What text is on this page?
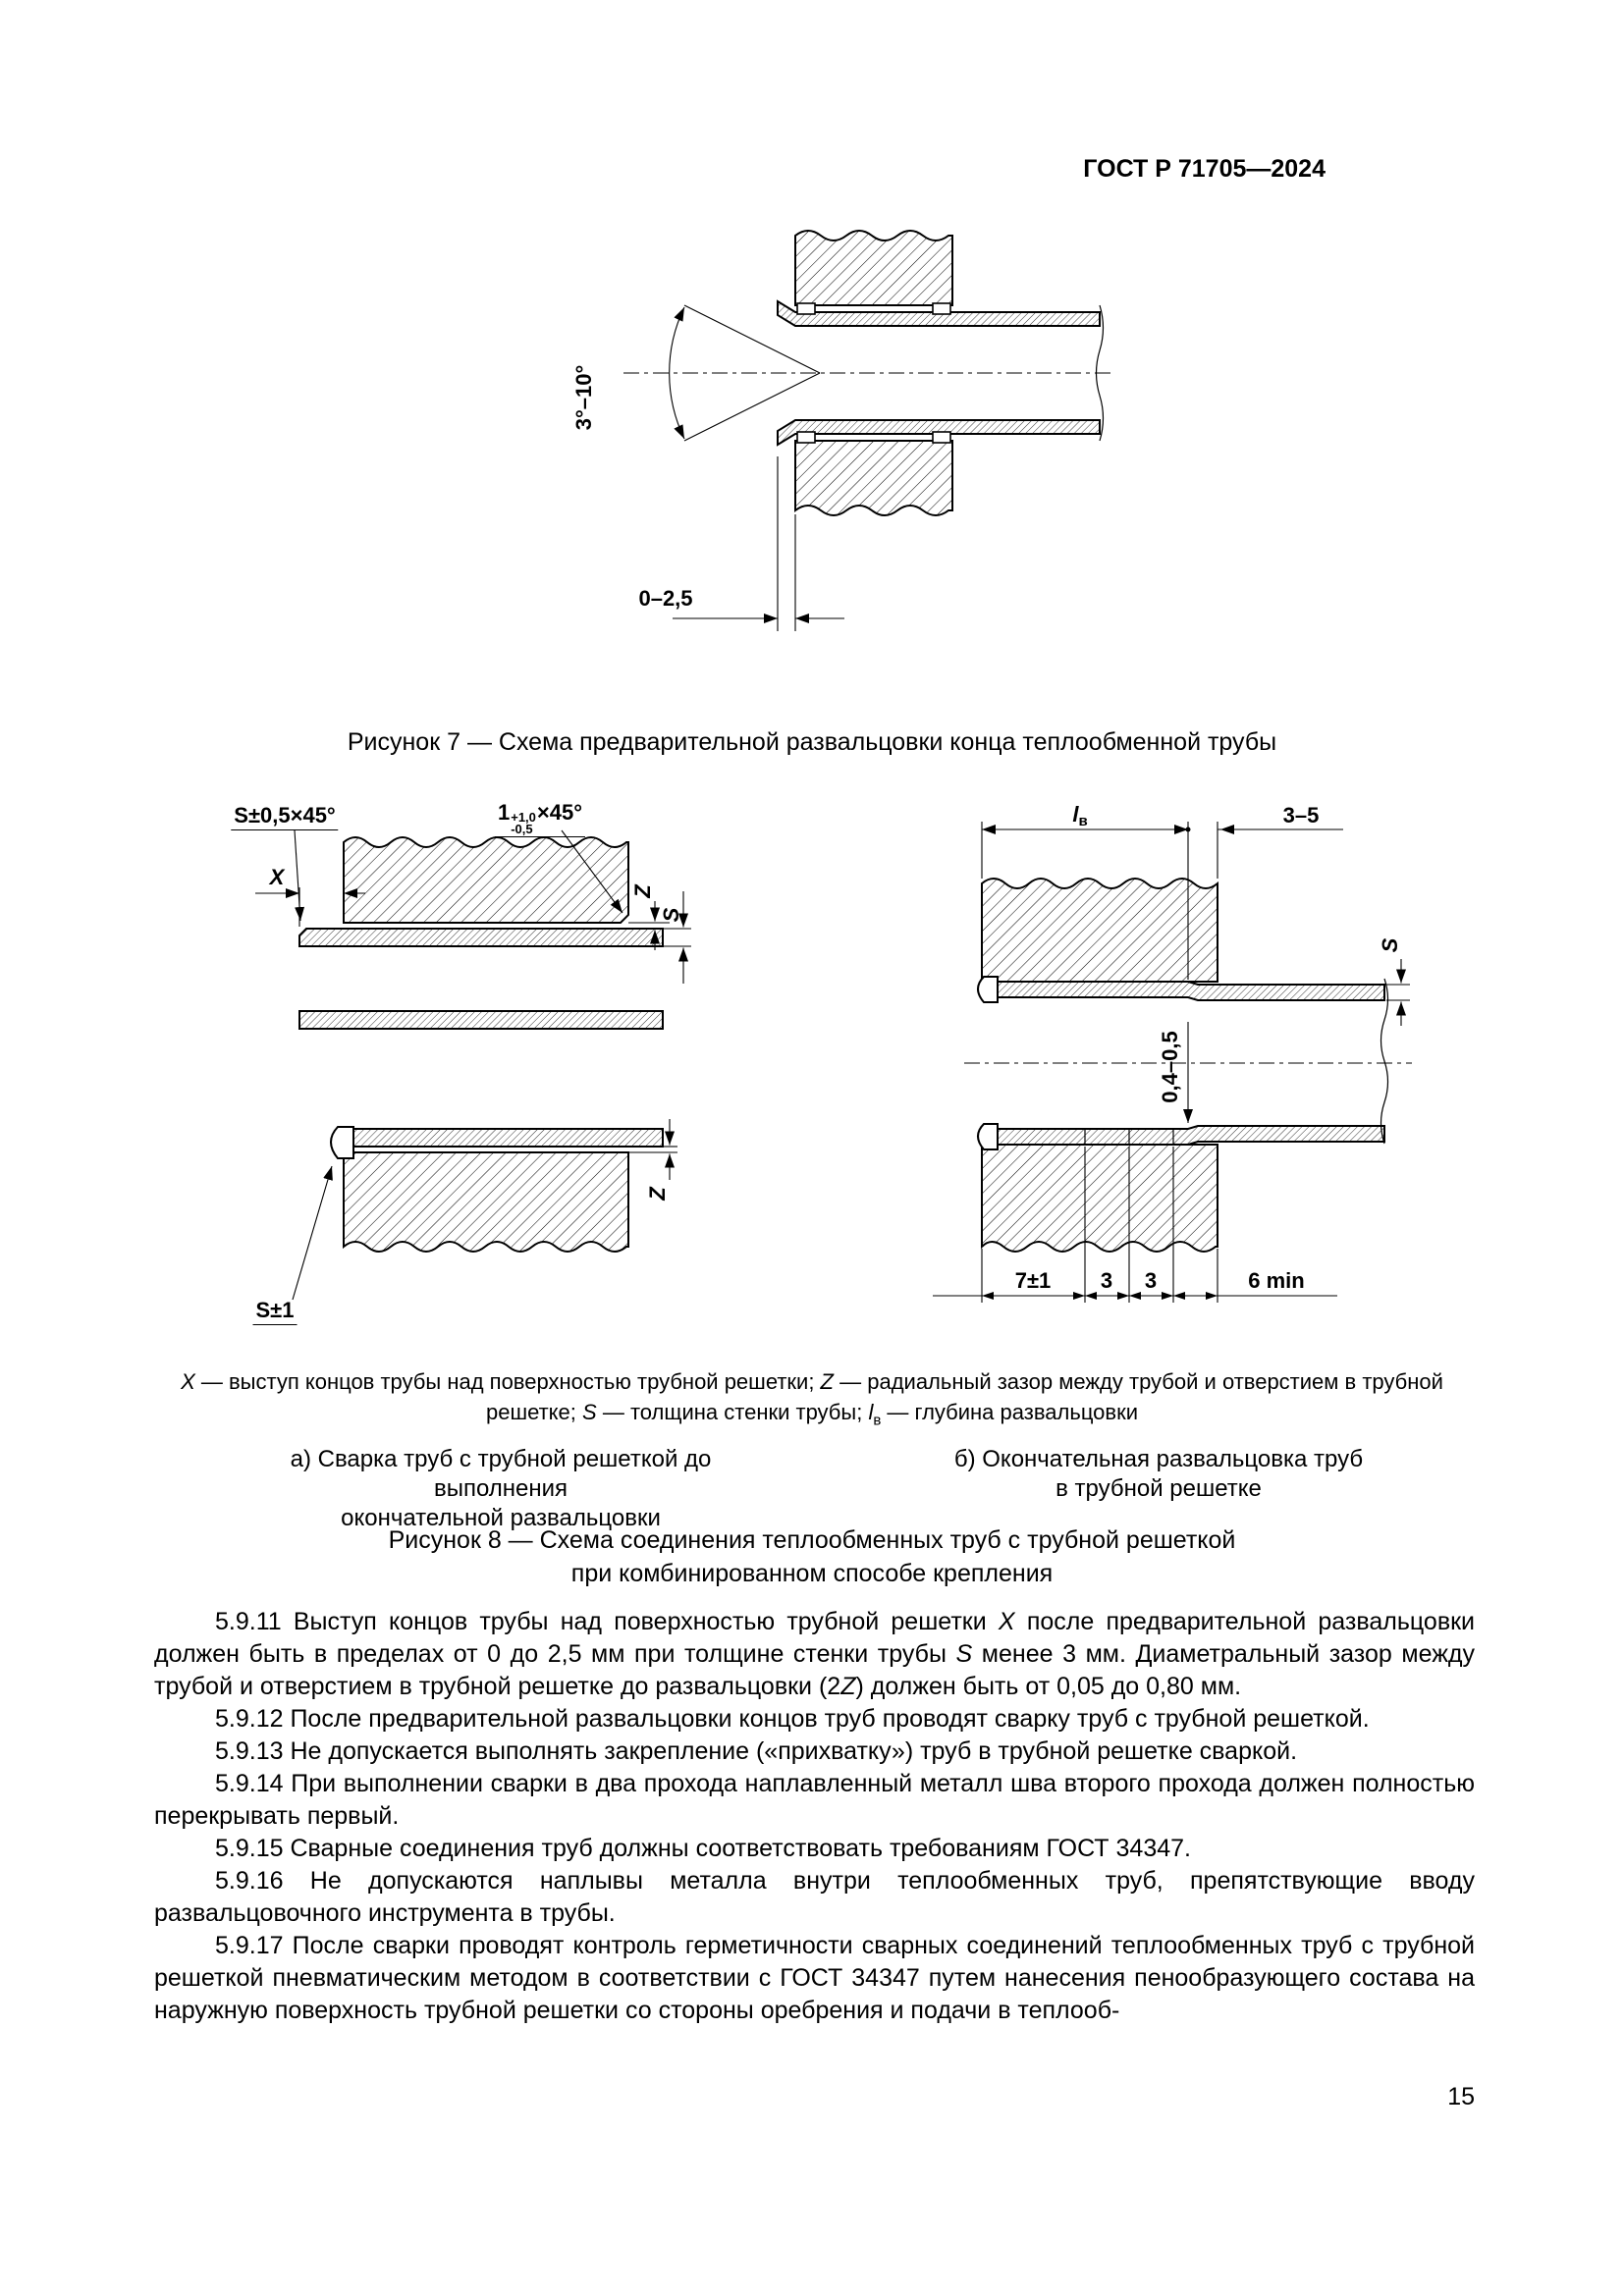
ГОСТ Р 71705—2024
3°–10°
0–2,5
Рисунок 7 — Схема предварительной развальцовки конца теплообменной трубы
S±0,5×45°
X
1 +1,0
-0,5
×45°
Z
S
S±1
Z
lв	3–5
S
0,4–0,5
7±1 3 3	6 min
X — выступ концов трубы над поверхностью трубной решетки; Z — радиальный зазор между трубой и отверстием в трубной решетке; S — толщина стенки трубы; $l_в$ — глубина развальцовки
а) Сварка труб с трубной решеткой до выполнения
окончательной развальцовки
б) Окончательная развальцовка труб
в трубной решетке
Рисунок 8 — Схема соединения теплообменных труб с трубной решеткой
при комбинированном способе крепления

5.9.11 Выступ концов трубы над поверхностью трубной решетки X после предварительной развальцовки должен быть в пределах от 0 до 2,5 мм при толщине стенки трубы S менее 3 мм. Диаметральный зазор между трубой и отверстием в трубной решетке до развальцовки (2Z) должен быть от 0,05 до 0,80 мм.

5.9.12 После предварительной развальцовки концов труб проводят сварку труб с трубной решеткой.

5.9.13 Не допускается выполнять закрепление («прихватку») труб в трубной решетке сваркой.

5.9.14 При выполнении сварки в два прохода наплавленный металл шва второго прохода должен полностью перекрывать первый.

5.9.15 Сварные соединения труб должны соответствовать требованиям ГОСТ 34347.

5.9.16 Не допускаются наплывы металла внутри теплообменных труб, препятствующие вводу развальцовочного инструмента в трубы.

5.9.17 После сварки проводят контроль герметичности сварных соединений теплообменных труб с трубной решеткой пневматическим методом в соответствии с ГОСТ 34347 путем нанесения пенообразующего состава на наружную поверхность трубной решетки со стороны оребрения и подачи в теплооб-

15
